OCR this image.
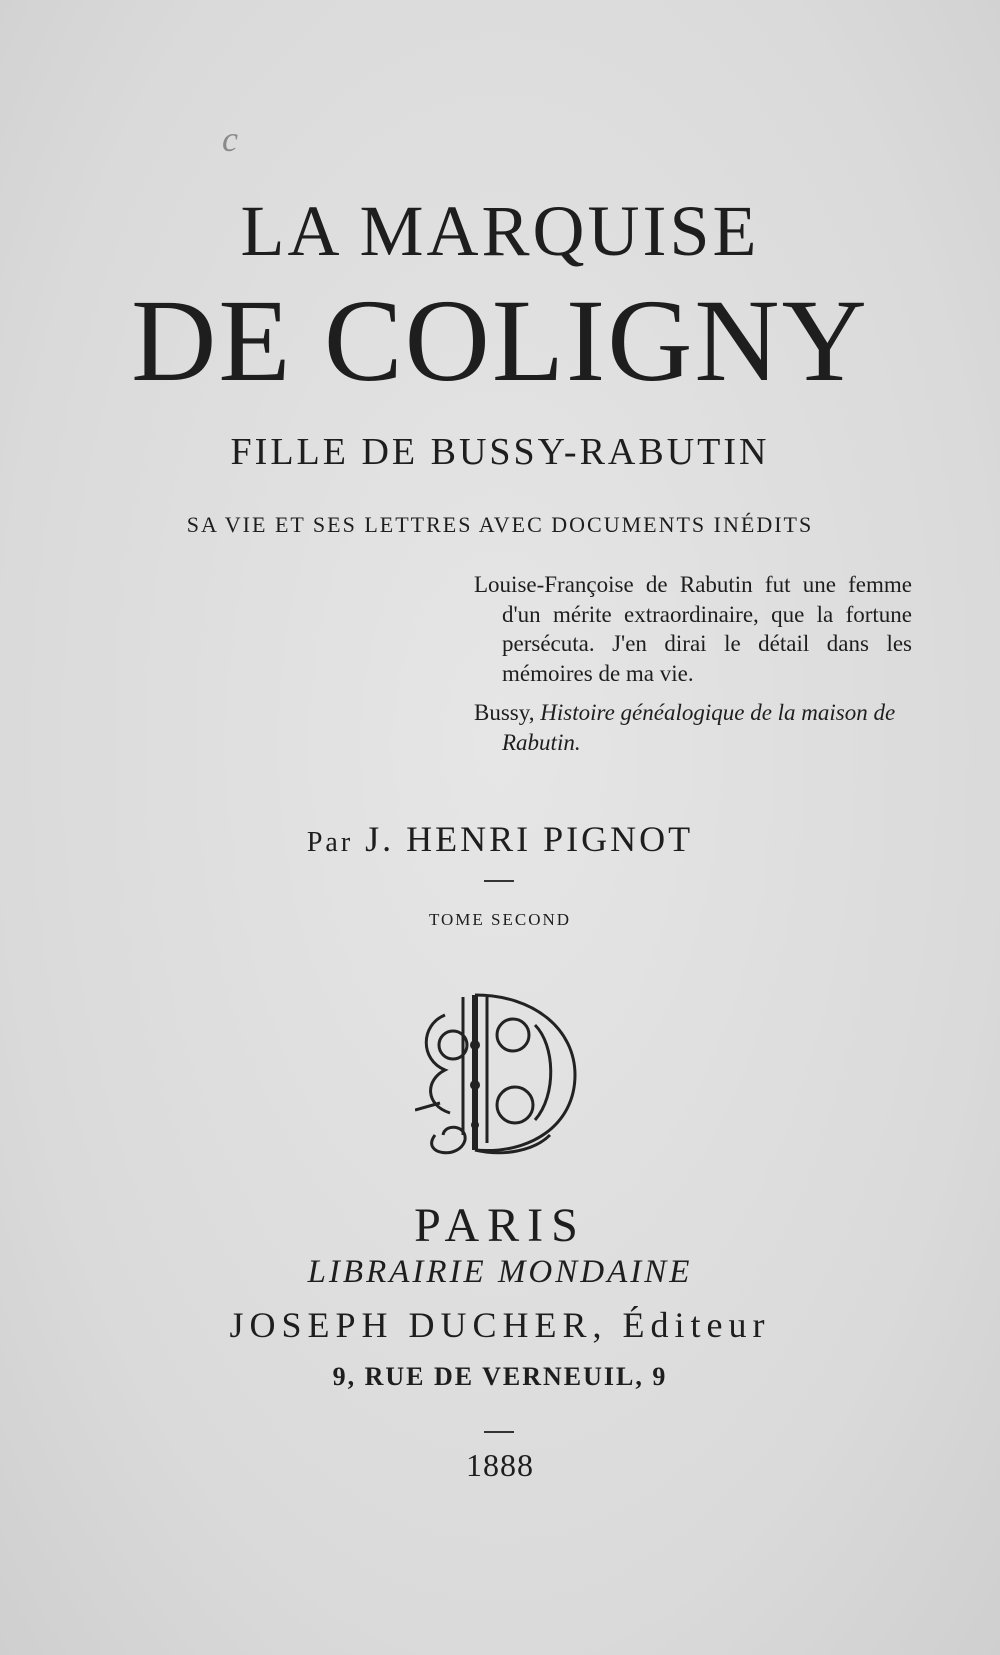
c
LA MARQUISE
DE COLIGNY
FILLE DE BUSSY-RABUTIN
SA VIE ET SES LETTRES AVEC DOCUMENTS INÉDITS
Louise-Françoise de Rabutin fut une femme d'un mérite extraordinaire, que la fortune persécuta. J'en dirai le détail dans les mémoires de ma vie.
Bussy, Histoire généalogique de la maison de Rabutin.
Par J. HENRI PIGNOT
TOME SECOND
PARIS
LIBRAIRIE MONDAINE
JOSEPH DUCHER, Éditeur
9, RUE DE VERNEUIL, 9
1888
